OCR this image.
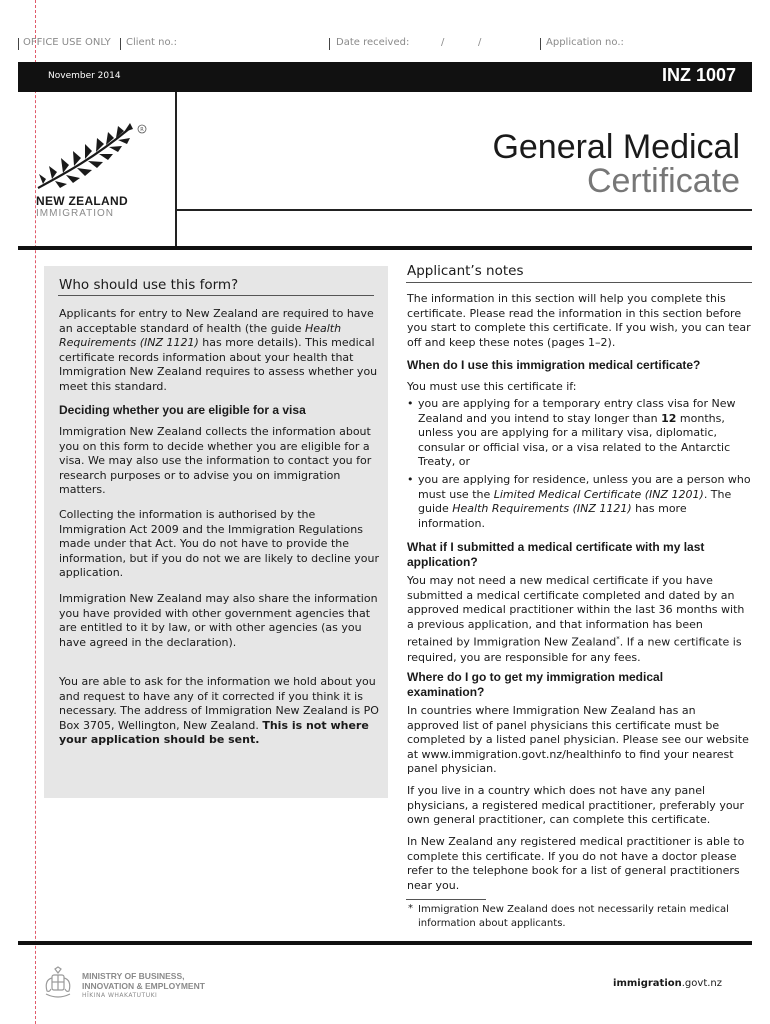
OFFICE USE ONLY Client no.:	Date received:	/	/	Application no.:
November 2014	INZ 1007
R
NEW ZEALAND
IMMIGRATION
General Medical
Certificate
Who should use this form?

Applicants for entry to New Zealand are required to have an acceptable standard of health (the guide Health Requirements (INZ 1121) has more details). This medical certificate records information about your health that Immigration New Zealand requires to assess whether you meet this standard.

Deciding whether you are eligible for a visa

Immigration New Zealand collects the information about you on this form to decide whether you are eligible for a visa. We may also use the information to contact you for research purposes or to advise you on immigration matters.

Collecting the information is authorised by the Immigration Act 2009 and the Immigration Regulations made under that Act. You do not have to provide the information, but if you do not we are likely to decline your application.

Immigration New Zealand may also share the information you have provided with other government agencies that are entitled to it by law, or with other agencies (as you have agreed in the declaration).

You are able to ask for the information we hold about you and request to have any of it corrected if you think it is necessary. The address of Immigration New Zealand is PO Box 3705, Wellington, New Zealand. This is not where your application should be sent.

Applicant’s notes

The information in this section will help you complete this certificate. Please read the information in this section before you start to complete this certificate. If you wish, you can tear off and keep these notes (pages 1–2).

When do I use this immigration medical certificate?

You must use this certificate if:

• you are applying for a temporary entry class visa for New Zealand and you intend to stay longer than 12 months, unless you are applying for a military visa, diplomatic, consular or official visa, or a visa related to the Antarctic Treaty, or

• you are applying for residence, unless you are a person who must use the Limited Medical Certificate (INZ 1201). The guide Health Requirements (INZ 1121) has more information.

What if I submitted a medical certificate with my last application?

You may not need a new medical certificate if you have submitted a medical certificate completed and dated by an approved medical practitioner within the last 36 months with a previous application, and that information has been retained by Immigration New Zealand*. If a new certificate is required, you are responsible for any fees.

Where do I go to get my immigration medical examination?

In countries where Immigration New Zealand has an approved list of panel physicians this certificate must be completed by a listed panel physician. Please see our website at www.immigration.govt.nz/healthinfo to find your nearest panel physician.

If you live in a country which does not have any panel physicians, a registered medical practitioner, preferably your own general practitioner, can complete this certificate.

In New Zealand any registered medical practitioner is able to complete this certificate. If you do not have a doctor please refer to the telephone book for a list of general practitioners near you.

* Immigration New Zealand does not necessarily retain medical information about applicants.

MINISTRY OF BUSINESS,
INNOVATION & EMPLOYMENT
HĪKINA WHAKATUTUKI
immigration.govt.nz
